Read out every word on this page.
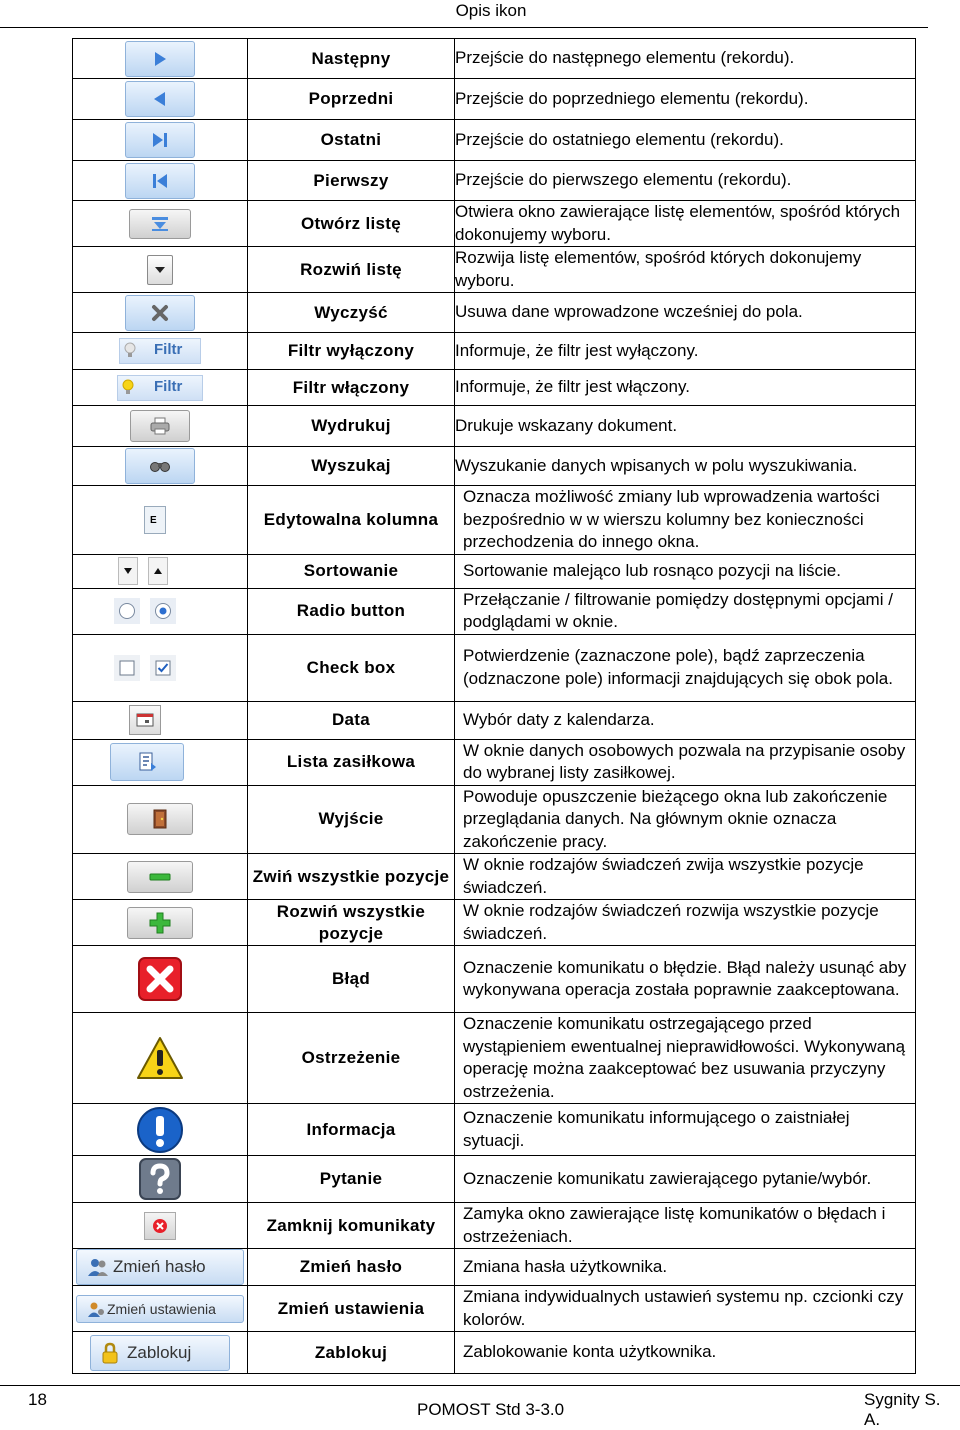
Opis ikon
	Następny	Przejście do następnego elementu (rekordu).

	Poprzedni	Przejście do poprzedniego elementu (rekordu).

	Ostatni	Przejście do ostatniego elementu (rekordu).

	Pierwszy	Przejście do pierwszego elementu (rekordu).

	Otwórz listę	Otwiera okno zawierające listę elementów, spośród których dokonujemy wyboru.

	Rozwiń listę	Rozwija listę elementów, spośród których dokonujemy wyboru.

	Wyczyść	Usuwa dane wprowadzone wcześniej do pola.

Filtr	Filtr wyłączony	Informuje, że filtr jest wyłączony.

Filtr	Filtr włączony	Informuje, że filtr jest włączony.

	Wydrukuj	Drukuje wskazany dokument.

	Wyszukaj	Wyszukanie danych wpisanych w polu wyszukiwania.

E	Edytowalna kolumna	Oznacza możliwość zmiany lub wprowadzenia wartości bezpośrednio w w wierszu kolumny bez konieczności przechodzenia do innego okna.

	Sortowanie	Sortowanie malejąco lub rosnąco pozycji na liście.

	Radio button	Przełączanie / filtrowanie pomiędzy dostępnymi opcjami / podglądami w oknie.

	Check box	Potwierdzenie (zaznaczone pole), bądź zaprzeczenia (odznaczone pole) informacji znajdujących się obok pola.

	Data	Wybór daty z kalendarza.

	Lista zasiłkowa	W oknie danych osobowych pozwala na przypisanie osoby do wybranej listy zasiłkowej.

	Wyjście	Powoduje opuszczenie bieżącego okna lub zakończenie przeglądania danych. Na głównym oknie oznacza zakończenie pracy.

	Zwiń wszystkie pozycje	W oknie rodzajów świadczeń zwija wszystkie pozycje świadczeń.

	Rozwiń wszystkie pozycje	W oknie rodzajów świadczeń rozwija wszystkie pozycje świadczeń.
	Błąd	Oznaczenie komunikatu o błędzie. Błąd należy usunąć aby wykonywana operacja została poprawnie zaakceptowana.
	Ostrzeżenie	Oznaczenie komunikatu ostrzegającego przed wystąpieniem ewentualnej nieprawidłowości. Wykonywaną operację można zaakceptować bez usuwania przyczyny ostrzeżenia.
	Informacja	Oznaczenie komunikatu informującego o zaistniałej sytuacji.
	Pytanie	Oznaczenie komunikatu zawierającego pytanie/wybór.

	Zamknij komunikaty	Zamyka okno zawierające listę komunikatów o błędach i ostrzeżeniach.

Zmień hasło	Zmień hasło	Zmiana hasła użytkownika.

Zmień ustawienia	Zmień ustawienia	Zmiana indywidualnych ustawień systemu np. czcionki czy kolorów.

Zablokuj	Zablokuj	Zablokowanie konta użytkownika.
18
POMOST Std 3-3.0
Sygnity S. A.
